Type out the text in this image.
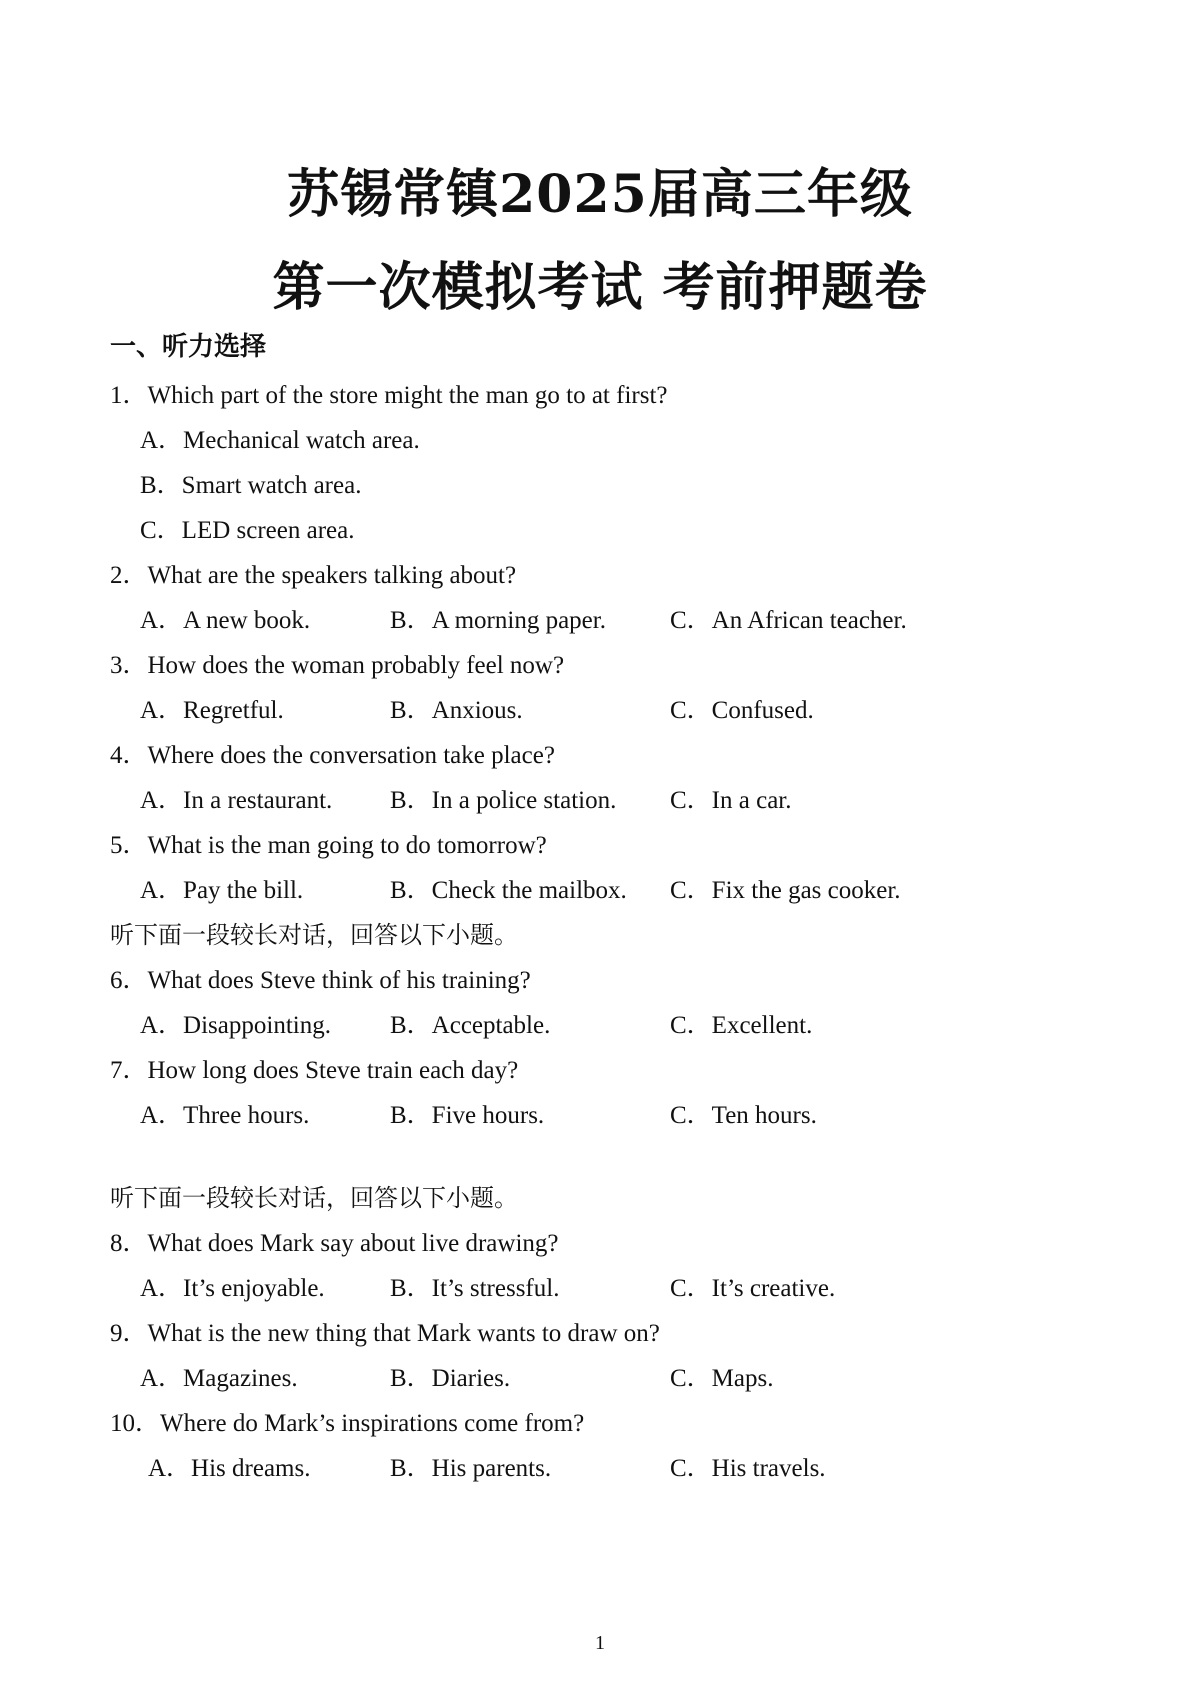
苏锡常镇2025届高三年级
第一次模拟考试 考前押题卷
一、听力选择
1．Which part of the store might the man go to at first?
A．Mechanical watch area.
B．Smart watch area.
C．LED screen area.
2．What are the speakers talking about?
A．A new book.	B．A morning paper.	C．An African teacher.
3．How does the woman probably feel now?
A．Regretful.	B．Anxious.	C．Confused.
4．Where does the conversation take place?
A．In a restaurant. B．In a police station. C．In a car.
5．What is the man going to do tomorrow?
A．Pay the bill.	B．Check the mailbox. C．Fix the gas cooker.
听下面一段较长对话，回答以下小题。
6．What does Steve think of his training?
A．Disappointing. B．Acceptable.	C．Excellent.
7．How long does Steve train each day?
A．Three hours.	B．Five hours.	C．Ten hours.
听下面一段较长对话，回答以下小题。
8．What does Mark say about live drawing?
A．It’s enjoyable.	B．It’s stressful.	C．It’s creative.
9．What is the new thing that Mark wants to draw on?
A．Magazines.	B．Diaries.	C．Maps.
10．Where do Mark’s inspirations come from?
A．His dreams.	B．His parents.	C．His travels.
1
